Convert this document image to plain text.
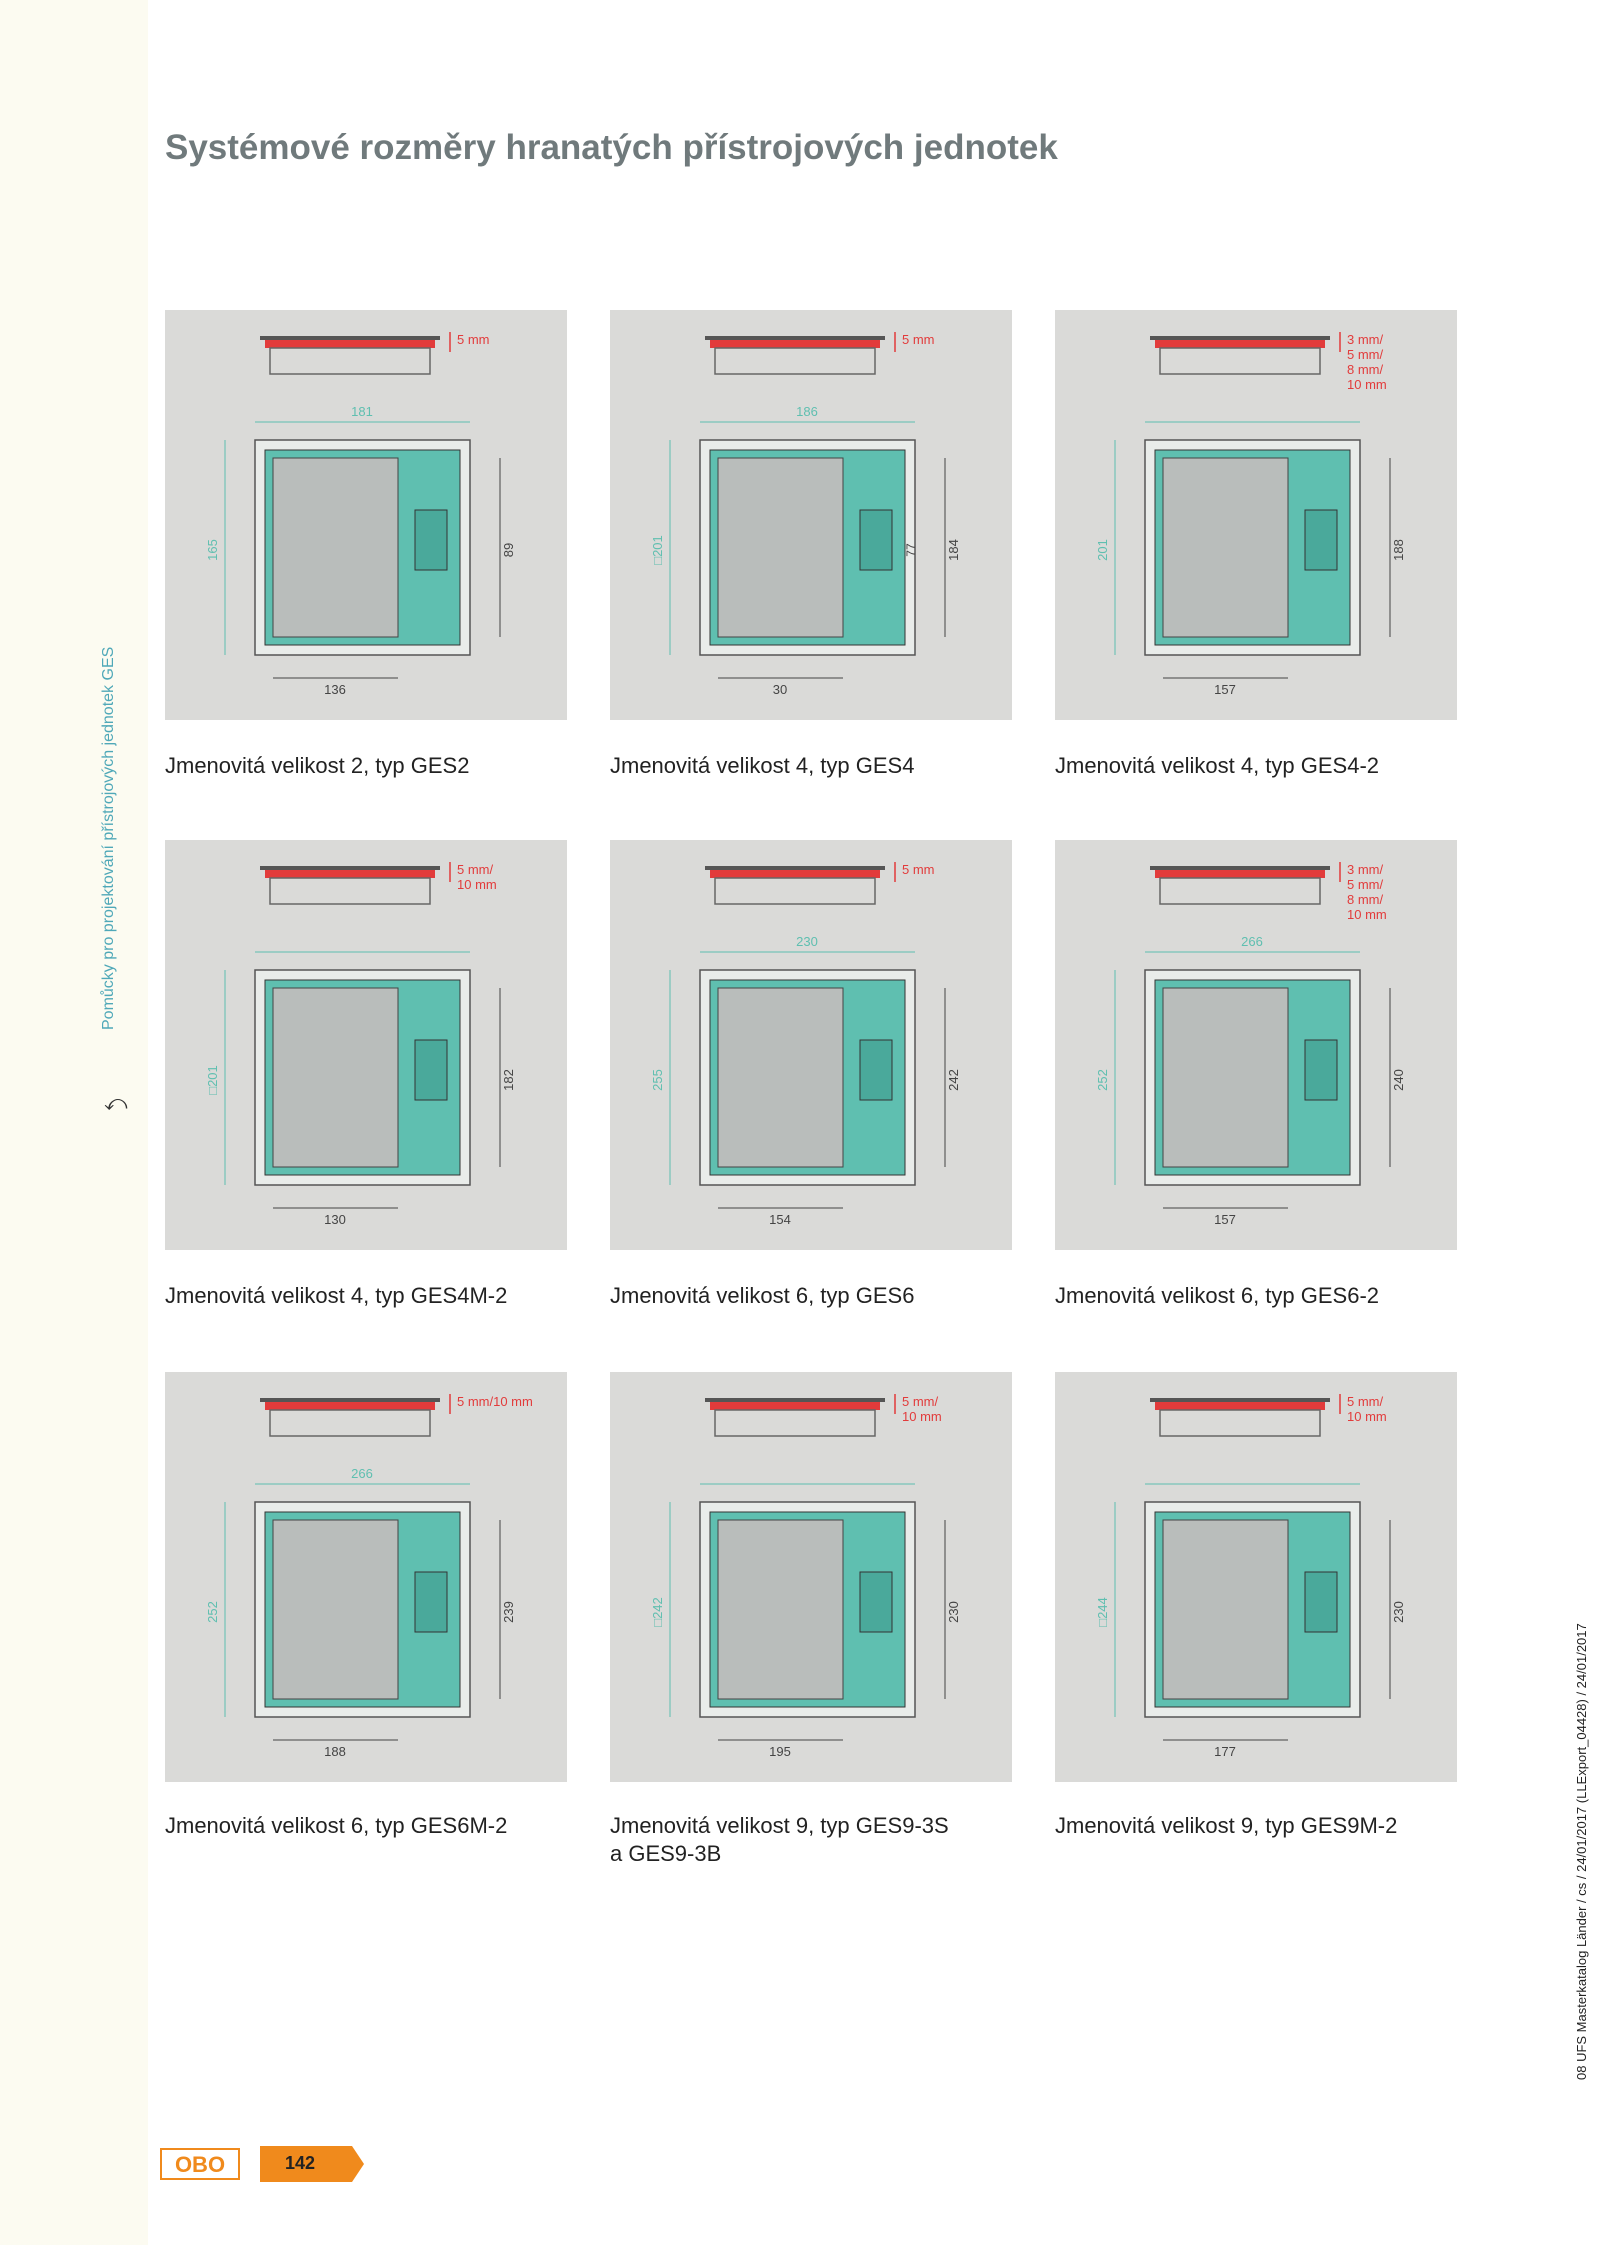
Pomůcky pro projektování přístrojových jednotek GES
⤺
08 UFS Masterkatalog Länder / cs / 24/01/2017 (LLExport_04428) / 24/01/2017
Systémové rozměry hranatých přístrojových jednotek
5 mm
181
136
165	89
Jmenovitá velikost 2, typ GES2
5 mm
186
30
□201	184
77
Jmenovitá velikost 4, typ GES4
3 mm/ 5 mm/ 8 mm/ 10 mm
157
201	188
Jmenovitá velikost 4, typ GES4-2
5 mm/ 10 mm
130
□201	182
Jmenovitá velikost 4, typ GES4M-2
5 mm
230
154
255	242
Jmenovitá velikost 6, typ GES6
3 mm/ 5 mm/ 8 mm/ 10 mm
266
157
252	240
Jmenovitá velikost 6, typ GES6-2
5 mm/10 mm
266
188
252	239
Jmenovitá velikost 6, typ GES6M-2
5 mm/ 10 mm
195
□242	230
Jmenovitá velikost 9, typ GES9-3S
a GES9-3B
5 mm/ 10 mm
177
□244	230
Jmenovitá velikost 9, typ GES9M-2
OBO	142
